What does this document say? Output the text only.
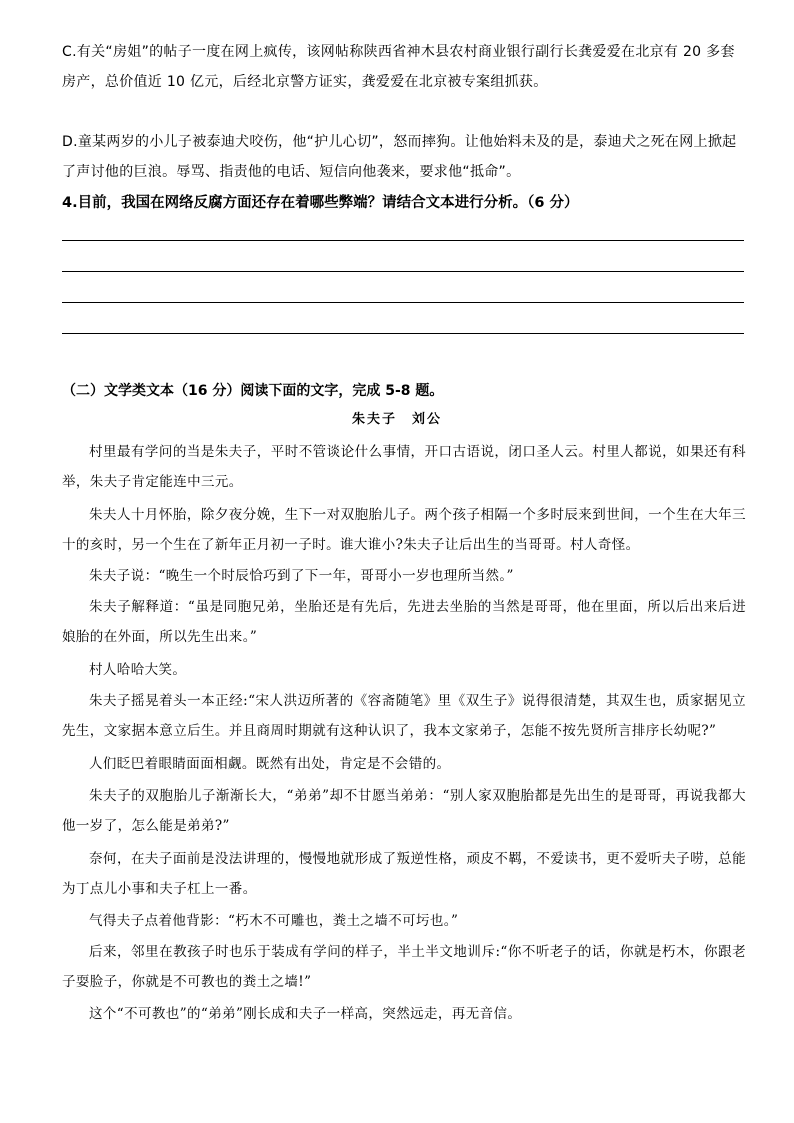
C.有关“房姐”的帖子一度在网上疯传，该网帖称陕西省神木县农村商业银行副行长龚爱爱在北京有 20 多套房产，总价值近 10 亿元，后经北京警方证实，龚爱爱在北京被专案组抓获。

D.童某两岁的小儿子被泰迪犬咬伤，他“护儿心切”，怒而摔狗。让他始料未及的是，泰迪犬之死在网上掀起了声讨他的巨浪。辱骂、指责他的电话、短信向他袭来，要求他“抵命”。

4.目前，我国在网络反腐方面还存在着哪些弊端？请结合文本进行分析。（6 分）

（二）文学类文本（16 分）阅读下面的文字，完成 5-8 题。

朱夫子　刘公

村里最有学问的当是朱夫子，平时不管谈论什么事情，开口古语说，闭口圣人云。村里人都说，如果还有科举，朱夫子肯定能连中三元。

朱夫人十月怀胎，除夕夜分娩，生下一对双胞胎儿子。两个孩子相隔一个多时辰来到世间，一个生在大年三十的亥时，另一个生在了新年正月初一子时。谁大谁小?朱夫子让后出生的当哥哥。村人奇怪。

朱夫子说：“晚生一个时辰恰巧到了下一年，哥哥小一岁也理所当然。”

朱夫子解释道：“虽是同胞兄弟，坐胎还是有先后，先进去坐胎的当然是哥哥，他在里面，所以后出来后进娘胎的在外面，所以先生出来。”

村人哈哈大笑。

朱夫子摇晃着头一本正经:“宋人洪迈所著的《容斋随笔》里《双生子》说得很清楚，其双生也，质家据见立先生，文家据本意立后生。并且商周时期就有这种认识了，我本文家弟子，怎能不按先贤所言排序长幼呢?”

人们眨巴着眼睛面面相觑。既然有出处，肯定是不会错的。

朱夫子的双胞胎儿子渐渐长大，“弟弟”却不甘愿当弟弟：“别人家双胞胎都是先出生的是哥哥，再说我都大他一岁了，怎么能是弟弟?”

奈何，在夫子面前是没法讲理的，慢慢地就形成了叛逆性格，顽皮不羁，不爱读书，更不爱听夫子唠，总能为丁点儿小事和夫子杠上一番。

气得夫子点着他背影：“朽木不可雕也，粪土之墙不可圬也。”

后来，邻里在教孩子时也乐于装成有学问的样子，半土半文地训斥:“你不听老子的话，你就是朽木，你跟老子耍脸子，你就是不可教也的粪土之墙!”

这个“不可教也”的“弟弟”刚长成和夫子一样高，突然远走，再无音信。
